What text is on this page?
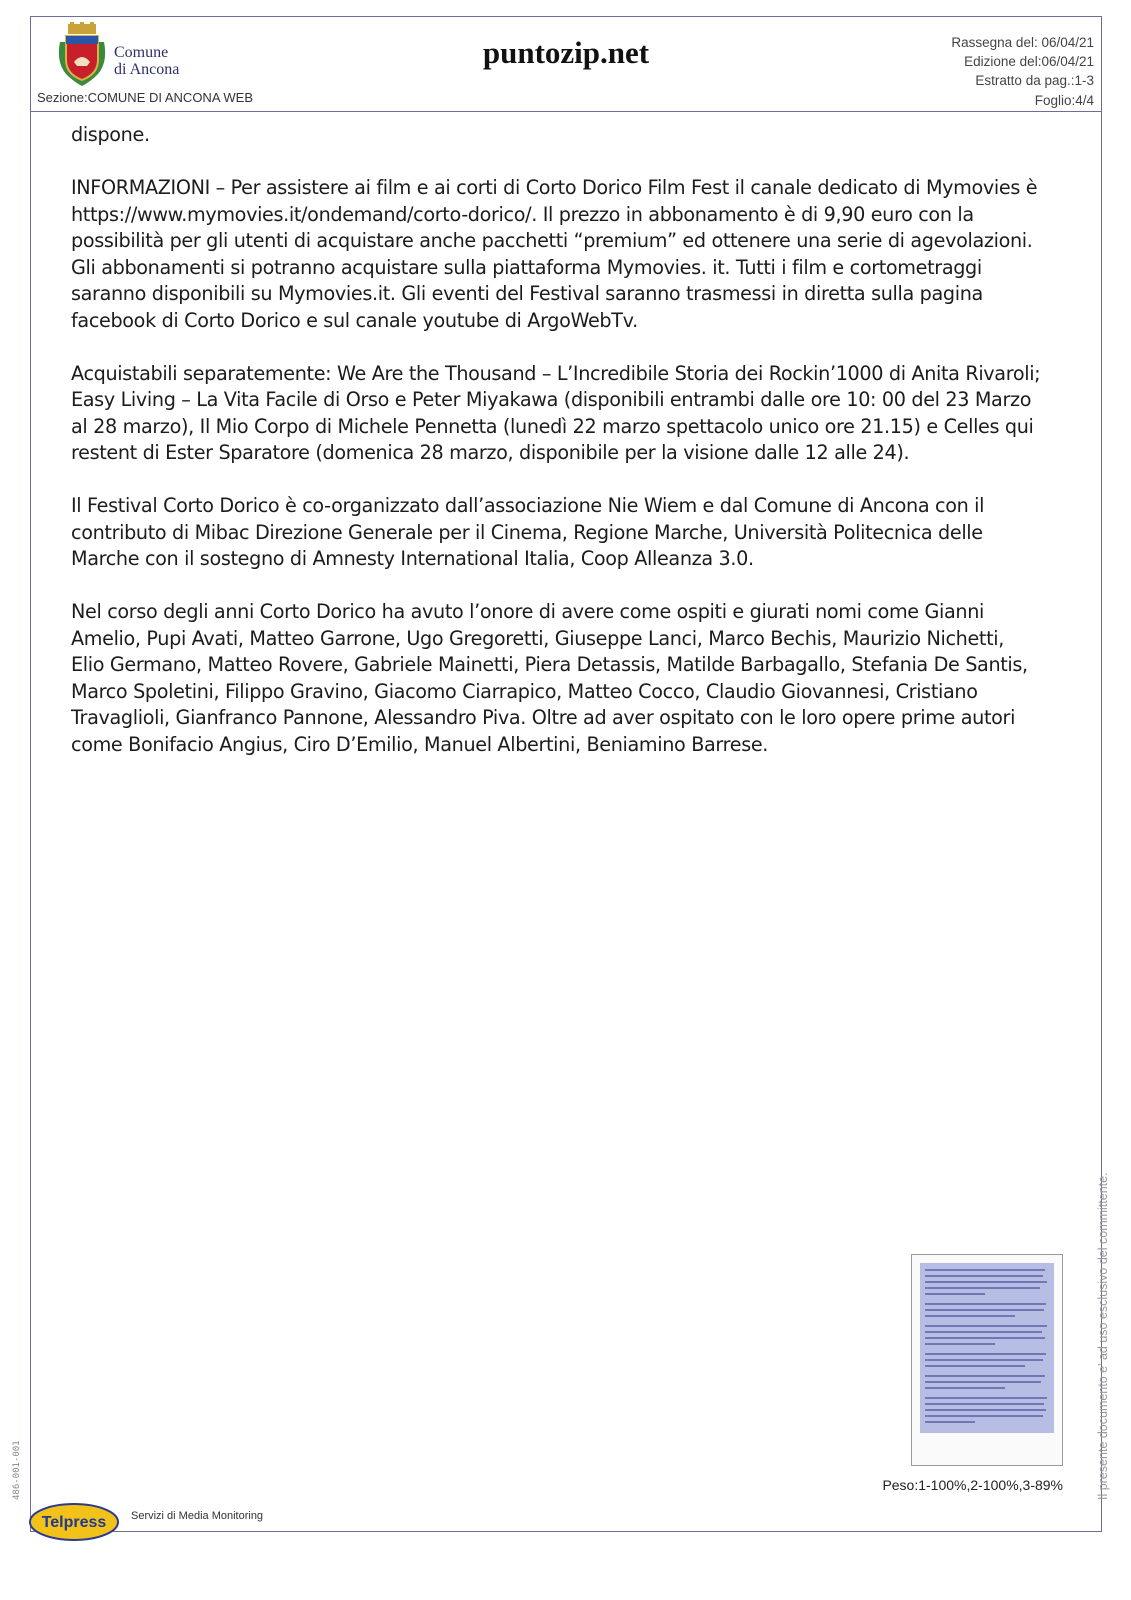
Comune
di Ancona
Sezione:COMUNE DI ANCONA WEB
puntozip.net	Rassegna del: 06/04/21
Edizione del:06/04/21
Estratto da pag.:1-3
Foglio:4/4

dispone.

INFORMAZIONI – Per assistere ai film e ai corti di Corto Dorico Film Fest il canale dedicato di Mymovies è https://www.mymovies.it/ondemand/corto-dorico/. Il prezzo in abbonamento è di 9,90 euro con la possibilità per gli utenti di acquistare anche pacchetti “premium” ed ottenere una serie di agevolazioni. Gli abbonamenti si potranno acquistare sulla piattaforma Mymovies. it. Tutti i film e cortometraggi saranno disponibili su Mymovies.it. Gli eventi del Festival saranno trasmessi in diretta sulla pagina facebook di Corto Dorico e sul canale youtube di ArgoWebTv.

Acquistabili separatemente: We Are the Thousand – L’Incredibile Storia dei Rockin’1000 di Anita Rivaroli; Easy Living – La Vita Facile di Orso e Peter Miyakawa (disponibili entrambi dalle ore 10: 00 del 23 Marzo al 28 marzo), Il Mio Corpo di Michele Pennetta (lunedì 22 marzo spettacolo unico ore 21.15) e Celles qui restent di Ester Sparatore (domenica 28 marzo, disponibile per la visione dalle 12 alle 24).

Il Festival Corto Dorico è co-organizzato dall’associazione Nie Wiem e dal Comune di Ancona con il contributo di Mibac Direzione Generale per il Cinema, Regione Marche, Università Politecnica delle Marche con il sostegno di Amnesty International Italia, Coop Alleanza 3.0.

Nel corso degli anni Corto Dorico ha avuto l’onore di avere come ospiti e giurati nomi come Gianni Amelio, Pupi Avati, Matteo Garrone, Ugo Gregoretti, Giuseppe Lanci, Marco Bechis, Maurizio Nichetti, Elio Germano, Matteo Rovere, Gabriele Mainetti, Piera Detassis, Matilde Barbagallo, Stefania De Santis, Marco Spoletini, Filippo Gravino, Giacomo Ciarrapico, Matteo Cocco, Claudio Giovannesi, Cristiano Travaglioli, Gianfranco Pannone, Alessandro Piva. Oltre ad aver ospitato con le loro opere prime autori come Bonifacio Angius, Ciro D’Emilio, Manuel Albertini, Beniamino Barrese.

Peso:1-100%,2-100%,3-89%	Il presente documento e' ad uso esclusivo del committente.
486-001-001
Telpress Servizi di Media Monitoring
